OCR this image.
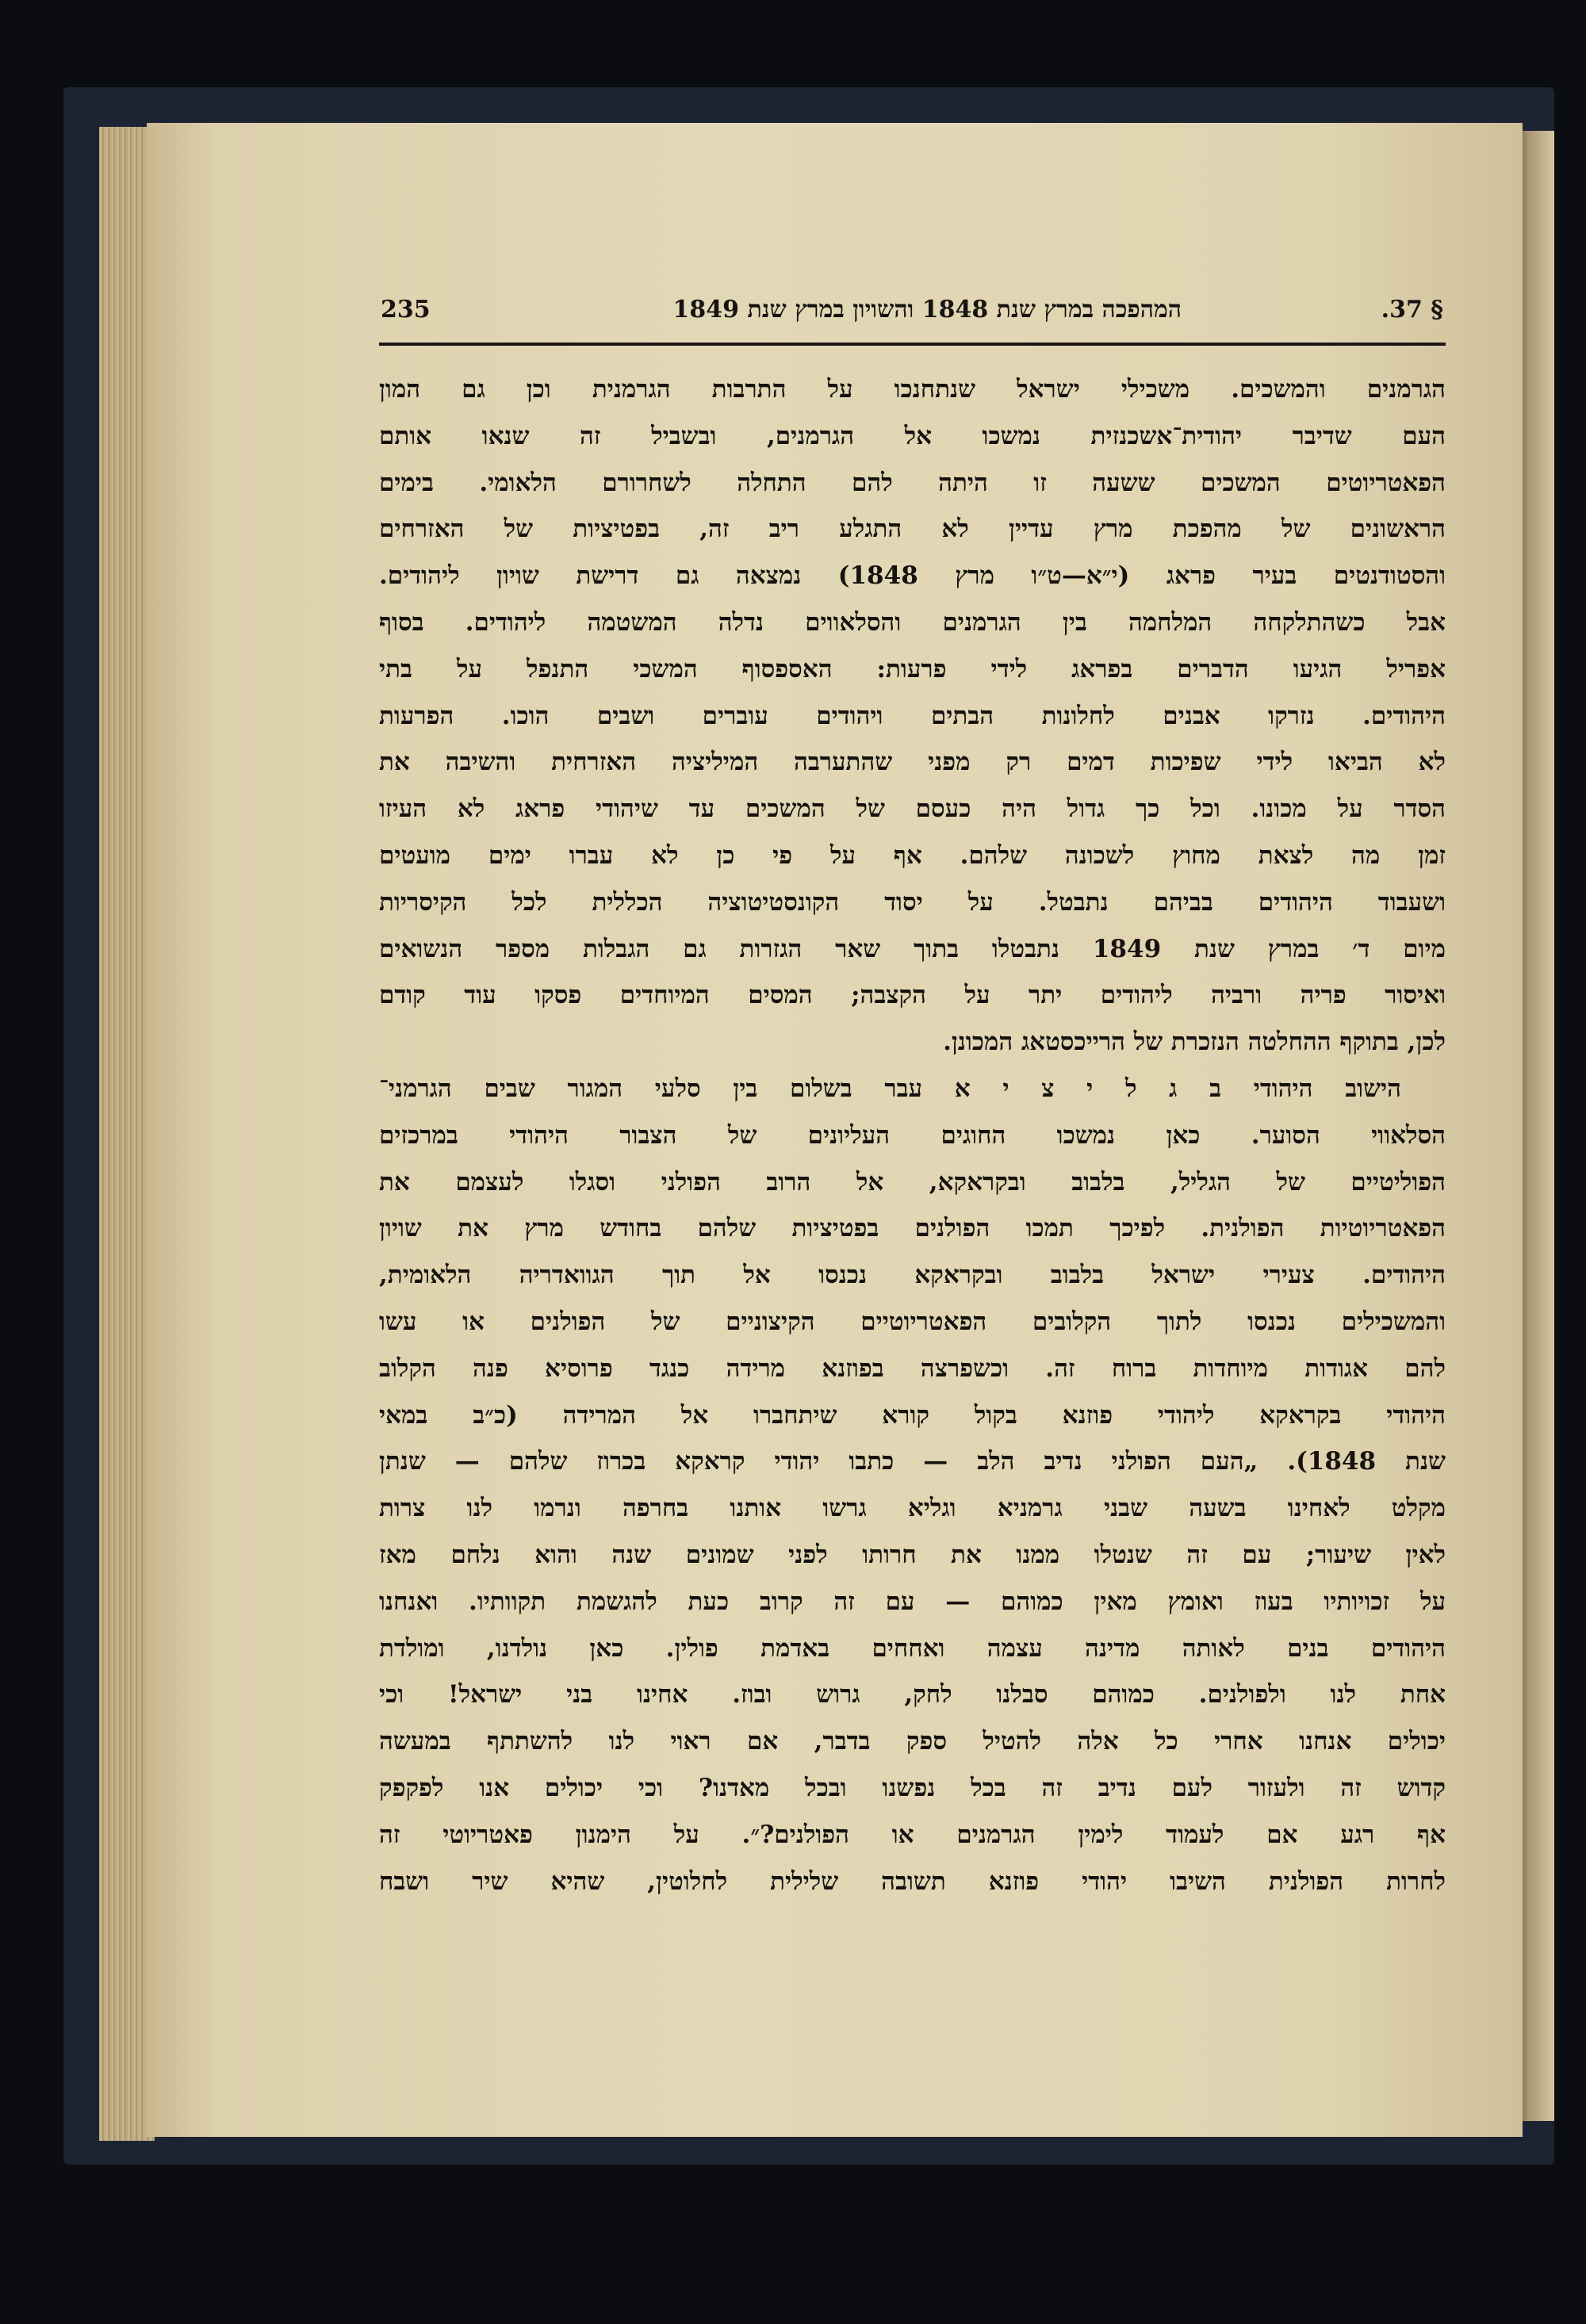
§ 37.
המהפכה במרץ שנת 1848 והשויון במרץ שנת 1849
235
הגרמנים והמשכים. משכילי ישראל שנתחנכו על התרבות הגרמנית וכן גם המון
העם שדיבר יהודית־אשכנזית נמשכו אל הגרמנים, ובשביל זה שנאו אותם
הפאטריוטים המשכים ששעה זו היתה להם התחלה לשחרורם הלאומי. בימים
הראשונים של מהפכת מרץ עדיין לא התגלע ריב זה, בפטיציות של האזרחים
והסטודנטים בעיר פראג (י״א—ט״ו מרץ 1848) נמצאה גם דרישת שויון ליהודים.
אבל כשהתלקחה המלחמה בין הגרמנים והסלאווים נדלה המשטמה ליהודים. בסוף
אפריל הגיעו הדברים בפראג לידי פרעות: האספסוף המשכי התנפל על בתי
היהודים. נזרקו אבנים לחלונות הבתים ויהודים עוברים ושבים הוכו. הפרעות
לא הביאו לידי שפיכות דמים רק מפני שהתערבה המיליציה האזרחית והשיבה את
הסדר על מכונו. וכל כך גדול היה כעסם של המשכים עד שיהודי פראג לא העיזו
זמן מה לצאת מחוץ לשכונה שלהם. אף על פי כן לא עברו ימים מועטים
ושעבוד היהודים בביהם נתבטל. על יסוד הקונסטיטוציה הכללית לכל הקיסריות
מיום ד׳ במרץ שנת 1849 נתבטלו בתוך שאר הגזרות גם הגבלות מספר הנשואים
ואיסור פריה ורביה ליהודים יתר על הקצבה; המסים המיוחדים פסקו עוד קודם
לכן, בתוקף ההחלטה הנזכרת של הרייכסטאג המכונן.
הישוב היהודי ב ג ל י צ י א עבר בשלום בין סלעי המגור שבים הגרמני־
הסלאווי הסוער. כאן נמשכו החוגים העליונים של הצבור היהודי במרכזים
הפוליטיים של הגליל, בלבוב ובקראקא, אל הרוב הפולני וסגלו לעצמם את
הפאטריוטיות הפולנית. לפיכך תמכו הפולנים בפטיציות שלהם בחודש מרץ את שויון
היהודים. צעירי ישראל בלבוב ובקראקא נכנסו אל תוך הגוואדריה הלאומית,
והמשכילים נכנסו לתוך הקלובים הפאטריוטיים הקיצוניים של הפולנים או עשו
להם אגודות מיוחדות ברוח זה. וכשפרצה בפוזנא מרידה כנגד פרוסיא פנה הקלוב
היהודי בקראקא ליהודי פוזנא בקול קורא שיתחברו אל המרידה (כ״ב במאי
שנת 1848). „העם הפולני נדיב הלב — כתבו יהודי קראקא בכרוז שלהם — שנתן
מקלט לאחינו בשעה שבני גרמניא וגליא גרשו אותנו בחרפה ונרמו לנו צרות
לאין שיעור; עם זה שנטלו ממנו את חרותו לפני שמונים שנה והוא נלחם מאז
על זכויותיו בעוז ואומץ מאין כמוהם — עם זה קרוב כעת להגשמת תקוותיו. ואנחנו
היהודים בנים לאותה מדינה עצמה ואחחים באדמת פולין. כאן נולדנו, ומולדת
אחת לנו ולפולנים. כמוהם סבלנו לחק, גרוש ובוז. אחינו בני ישראל! וכי
יכולים אנחנו אחרי כל אלה להטיל ספק בדבר, אם ראוי לנו להשתתף במעשה
קדוש זה ולעזור לעם נדיב זה בכל נפשנו ובכל מאדנו? וכי יכולים אנו לפקפק
אף רגע אם לעמוד לימין הגרמנים או הפולנים?״. על הימנון פאטריוטי זה
לחרות הפולנית השיבו יהודי פוזנא תשובה שלילית לחלוטין, שהיא שיר ושבח
